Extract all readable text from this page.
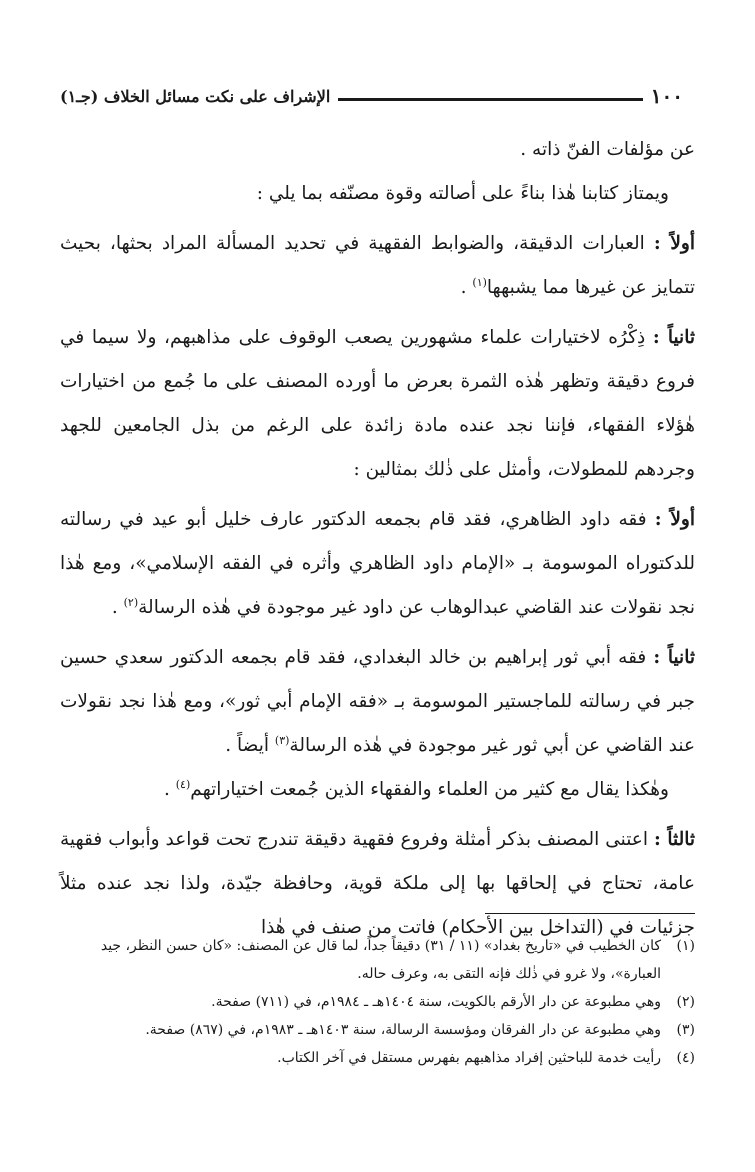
١٠٠
الإشراف على نكت مسائل الخلاف (جـ١)

عن مؤلفات الفنّ ذاته .

ويمتاز كتابنا هٰذا بناءً على أصالته وقوة مصنّفه بما يلي :

أولاً : العبارات الدقيقة، والضوابط الفقهية في تحديد المسألة المراد بحثها، بحيث تتمايز عن غيرها مما يشبهها$^{(١)}$ .

ثانياً : ذِكْرُه لاختيارات علماء مشهورين يصعب الوقوف على مذاهبهم، ولا سيما في فروع دقيقة وتظهر هٰذه الثمرة بعرض ما أورده المصنف على ما جُمع من اختيارات هٰؤلاء الفقهاء، فإننا نجد عنده مادة زائدة على الرغم من بذل الجامعين للجهد وجردهم للمطولات، وأمثل على ذٰلك بمثالين :

أولاً : فقه داود الظاهري، فقد قام بجمعه الدكتور عارف خليل أبو عيد في رسالته للدكتوراه الموسومة بـ «الإمام داود الظاهري وأثره في الفقه الإسلامي»، ومع هٰذا نجد نقولات عند القاضي عبدالوهاب عن داود غير موجودة في هٰذه الرسالة$^{(٢)}$ .

ثانياً : فقه أبي ثور إبراهيم بن خالد البغدادي، فقد قام بجمعه الدكتور سعدي حسين جبر في رسالته للماجستير الموسومة بـ «فقه الإمام أبي ثور»، ومع هٰذا نجد نقولات عند القاضي عن أبي ثور غير موجودة في هٰذه الرسالة$^{(٣)}$ أيضاً .

وهٰكذا يقال مع كثير من العلماء والفقهاء الذين جُمعت اختياراتهم$^{(٤)}$ .

ثالثاً : اعتنى المصنف بذكر أمثلة وفروع فقهية دقيقة تندرج تحت قواعد وأبواب فقهية عامة، تحتاج في إلحاقها بها إلى ملكة قوية، وحافظة جيّدة، ولذا نجد عنده مثلاً جزئيات في (التداخل بين الأحكام) فاتت من صنف في هٰذا

(١)
كان الخطيب في «تاريخ بغداد» (١١ / ٣١) دقيقاً جداً، لما قال عن المصنف: «كان حسن النظر، جيد العبارة»، ولا غرو في ذٰلك فإنه التقى به، وعرف حاله.

(٢)
وهي مطبوعة عن دار الأرقم بالكويت، سنة ١٤٠٤هـ ـ ١٩٨٤م، في (٧١١) صفحة.

(٣)
وهي مطبوعة عن دار الفرقان ومؤسسة الرسالة، سنة ١٤٠٣هـ ـ ١٩٨٣م، في (٨٦٧) صفحة.

(٤)
رأيت خدمة للباحثين إفراد مذاهبهم بفهرس مستقل في آخر الكتاب.
